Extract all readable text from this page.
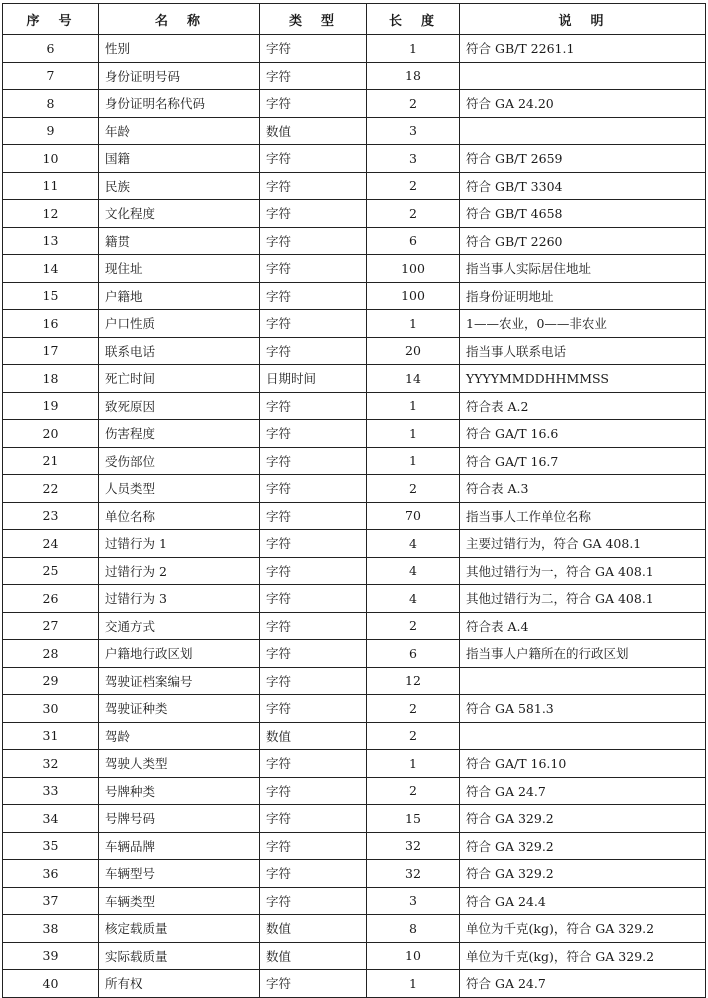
序　号	名　称	类　型	长　度	说　明
6	性别	字符	1	符合 GB/T 2261.1
7	身份证明号码	字符	18	
8	身份证明名称代码	字符	2	符合 GA 24.20
9	年龄	数值	3	
10	国籍	字符	3	符合 GB/T 2659
11	民族	字符	2	符合 GB/T 3304
12	文化程度	字符	2	符合 GB/T 4658
13	籍贯	字符	6	符合 GB/T 2260
14	现住址	字符	100	指当事人实际居住地址
15	户籍地	字符	100	指身份证明地址
16	户口性质	字符	1	1——农业，0——非农业
17	联系电话	字符	20	指当事人联系电话
18	死亡时间	日期时间	14	YYYYMMDDHHMMSS
19	致死原因	字符	1	符合表 A.2
20	伤害程度	字符	1	符合 GA/T 16.6
21	受伤部位	字符	1	符合 GA/T 16.7
22	人员类型	字符	2	符合表 A.3
23	单位名称	字符	70	指当事人工作单位名称
24	过错行为 1	字符	4	主要过错行为，符合 GA 408.1
25	过错行为 2	字符	4	其他过错行为一，符合 GA 408.1
26	过错行为 3	字符	4	其他过错行为二，符合 GA 408.1
27	交通方式	字符	2	符合表 A.4
28	户籍地行政区划	字符	6	指当事人户籍所在的行政区划
29	驾驶证档案编号	字符	12	
30	驾驶证种类	字符	2	符合 GA 581.3
31	驾龄	数值	2	
32	驾驶人类型	字符	1	符合 GA/T 16.10
33	号牌种类	字符	2	符合 GA 24.7
34	号牌号码	字符	15	符合 GA 329.2
35	车辆品牌	字符	32	符合 GA 329.2
36	车辆型号	字符	32	符合 GA 329.2
37	车辆类型	字符	3	符合 GA 24.4
38	核定载质量	数值	8	单位为千克(kg)，符合 GA 329.2
39	实际载质量	数值	10	单位为千克(kg)，符合 GA 329.2
40	所有权	字符	1	符合 GA 24.7
